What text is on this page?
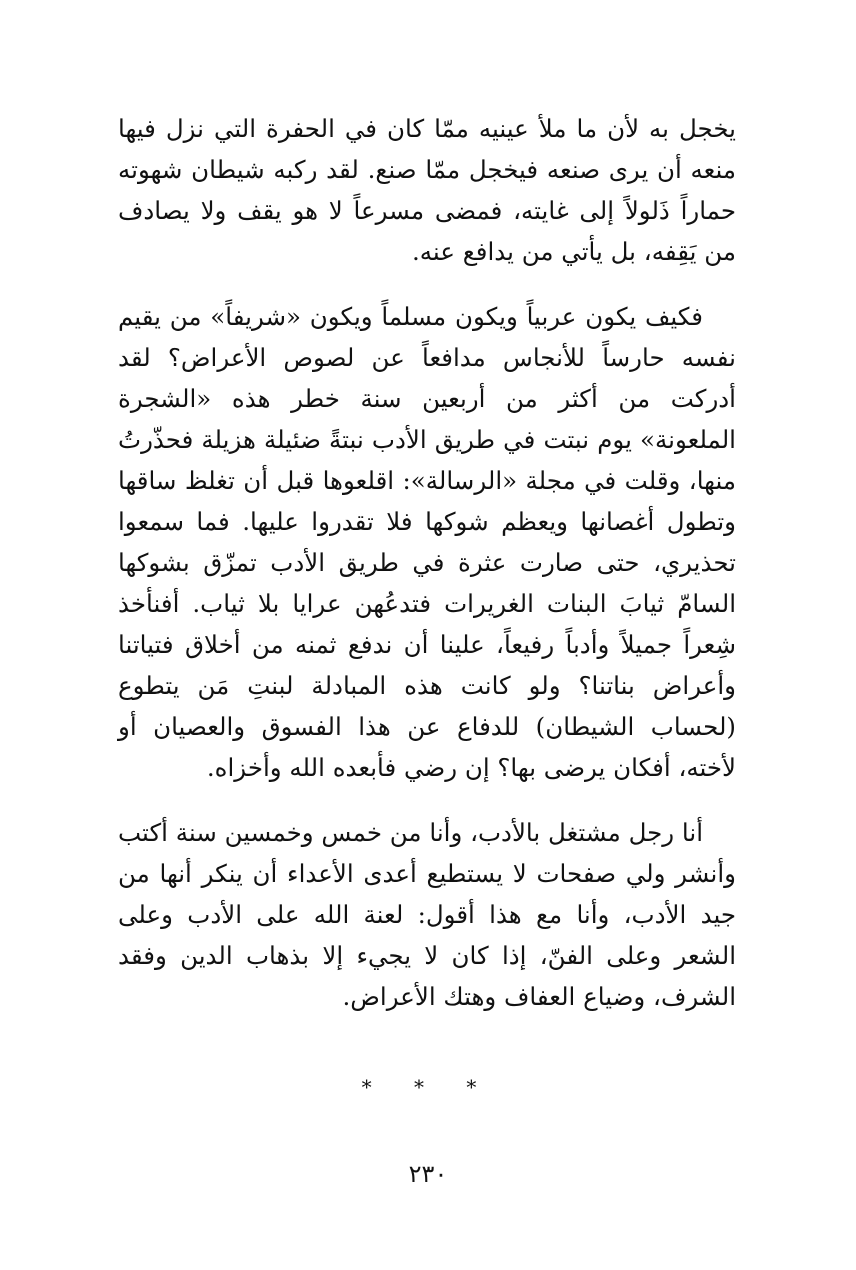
يخجل به لأن ما ملأ عينيه ممّا كان في الحفرة التي نزل فيها منعه أن يرى صنعه فيخجل ممّا صنع. لقد ركبه شيطان شهوته حماراً ذَلولاً إلى غايته، فمضى مسرعاً لا هو يقف ولا يصادف من يَقِفه، بل يأتي من يدافع عنه.

فكيف يكون عربياً ويكون مسلماً ويكون «شريفاً» من يقيم نفسه حارساً للأنجاس مدافعاً عن لصوص الأعراض؟ لقد أدركت من أكثر من أربعين سنة خطر هذه «الشجرة الملعونة» يوم نبتت في طريق الأدب نبتةً ضئيلة هزيلة فحذّرتُ منها، وقلت في مجلة «الرسالة»: اقلعوها قبل أن تغلظ ساقها وتطول أغصانها ويعظم شوكها فلا تقدروا عليها. فما سمعوا تحذيري، حتى صارت عثرة في طريق الأدب تمزّق بشوكها السامّ ثيابَ البنات الغريرات فتدعُهن عرايا بلا ثياب. أفنأخذ شِعراً جميلاً وأدباً رفيعاً، علينا أن ندفع ثمنه من أخلاق فتياتنا وأعراض بناتنا؟ ولو كانت هذه المبادلة لبنتِ مَن يتطوع (لحساب الشيطان) للدفاع عن هذا الفسوق والعصيان أو لأخته، أفكان يرضى بها؟ إن رضي فأبعده الله وأخزاه.

أنا رجل مشتغل بالأدب، وأنا من خمس وخمسين سنة أكتب وأنشر ولي صفحات لا يستطيع أعدى الأعداء أن ينكر أنها من جيد الأدب، وأنا مع هذا أقول: لعنة الله على الأدب وعلى الشعر وعلى الفنّ، إذا كان لا يجيء إلا بذهاب الدين وفقد الشرف، وضياع العفاف وهتك الأعراض.

* * *
٢٣٠
